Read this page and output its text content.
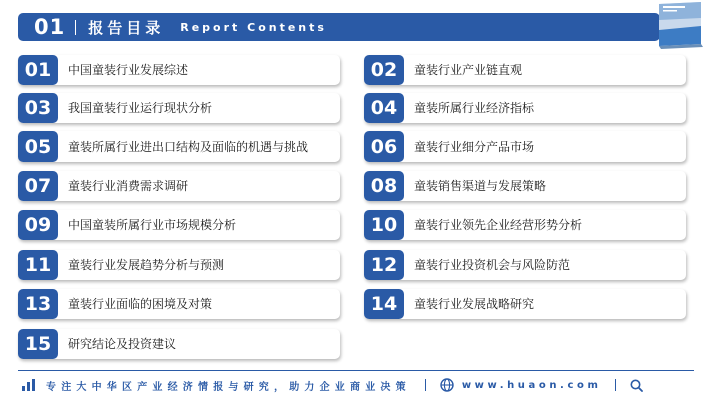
01 报告目录 Report Contents
01	中国童装行业发展综述
03	我国童装行业运行现状分析
05	童装所属行业进出口结构及面临的机遇与挑战
07	童装行业消费需求调研
09	中国童装所属行业市场规模分析
11	童装行业发展趋势分析与预测
13	童装行业面临的困境及对策
15	研究结论及投资建议
02	童装行业产业链直观
04	童装所属行业经济指标
06	童装行业细分产品市场
08	童装销售渠道与发展策略
10	童装行业领先企业经营形势分析
12	童装行业投资机会与风险防范
14	童装行业发展战略研究
专注大中华区产业经济情报与研究，助力企业商业决策	www.huaon.com
